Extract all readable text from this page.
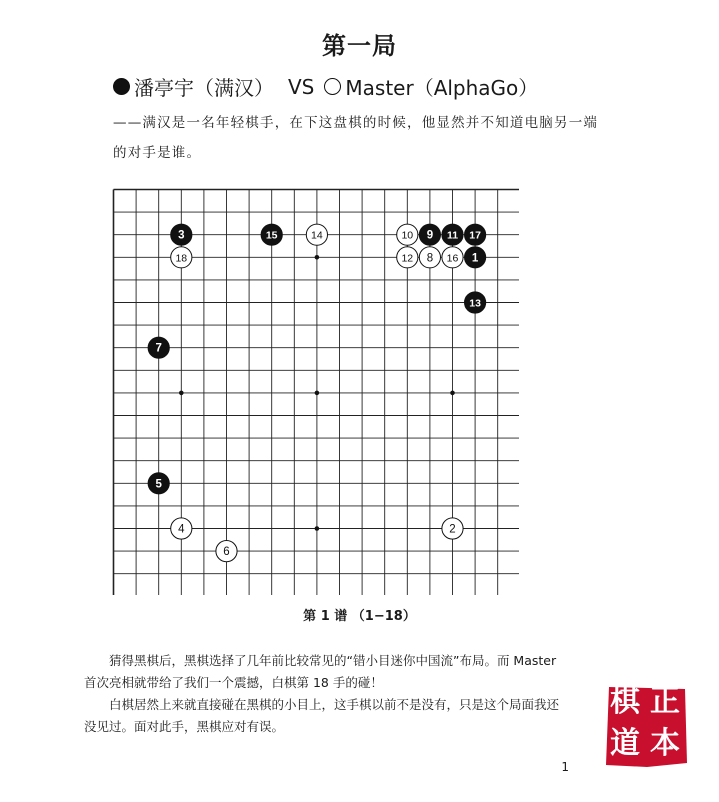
第一局
潘亭宇（满汉） VS Master（AlphaGo）
——满汉是一名年轻棋手，在下这盘棋的时候，他显然并不知道电脑另一端的对手是谁。
1
2
3
4
5
6
7
8
9
10	11
12
13
14
15
16
17
18
第 1 谱 （1−18）

猜得黑棋后，黑棋选择了几年前比较常见的“错小目迷你中国流”布局。而 Master 首次亮相就带给了我们一个震撼，白棋第 18 手的碰！

白棋居然上来就直接碰在黑棋的小目上，这手棋以前不是没有，只是这个局面我还没见过。面对此手，黑棋应对有误。

1
棋 正
道 本
